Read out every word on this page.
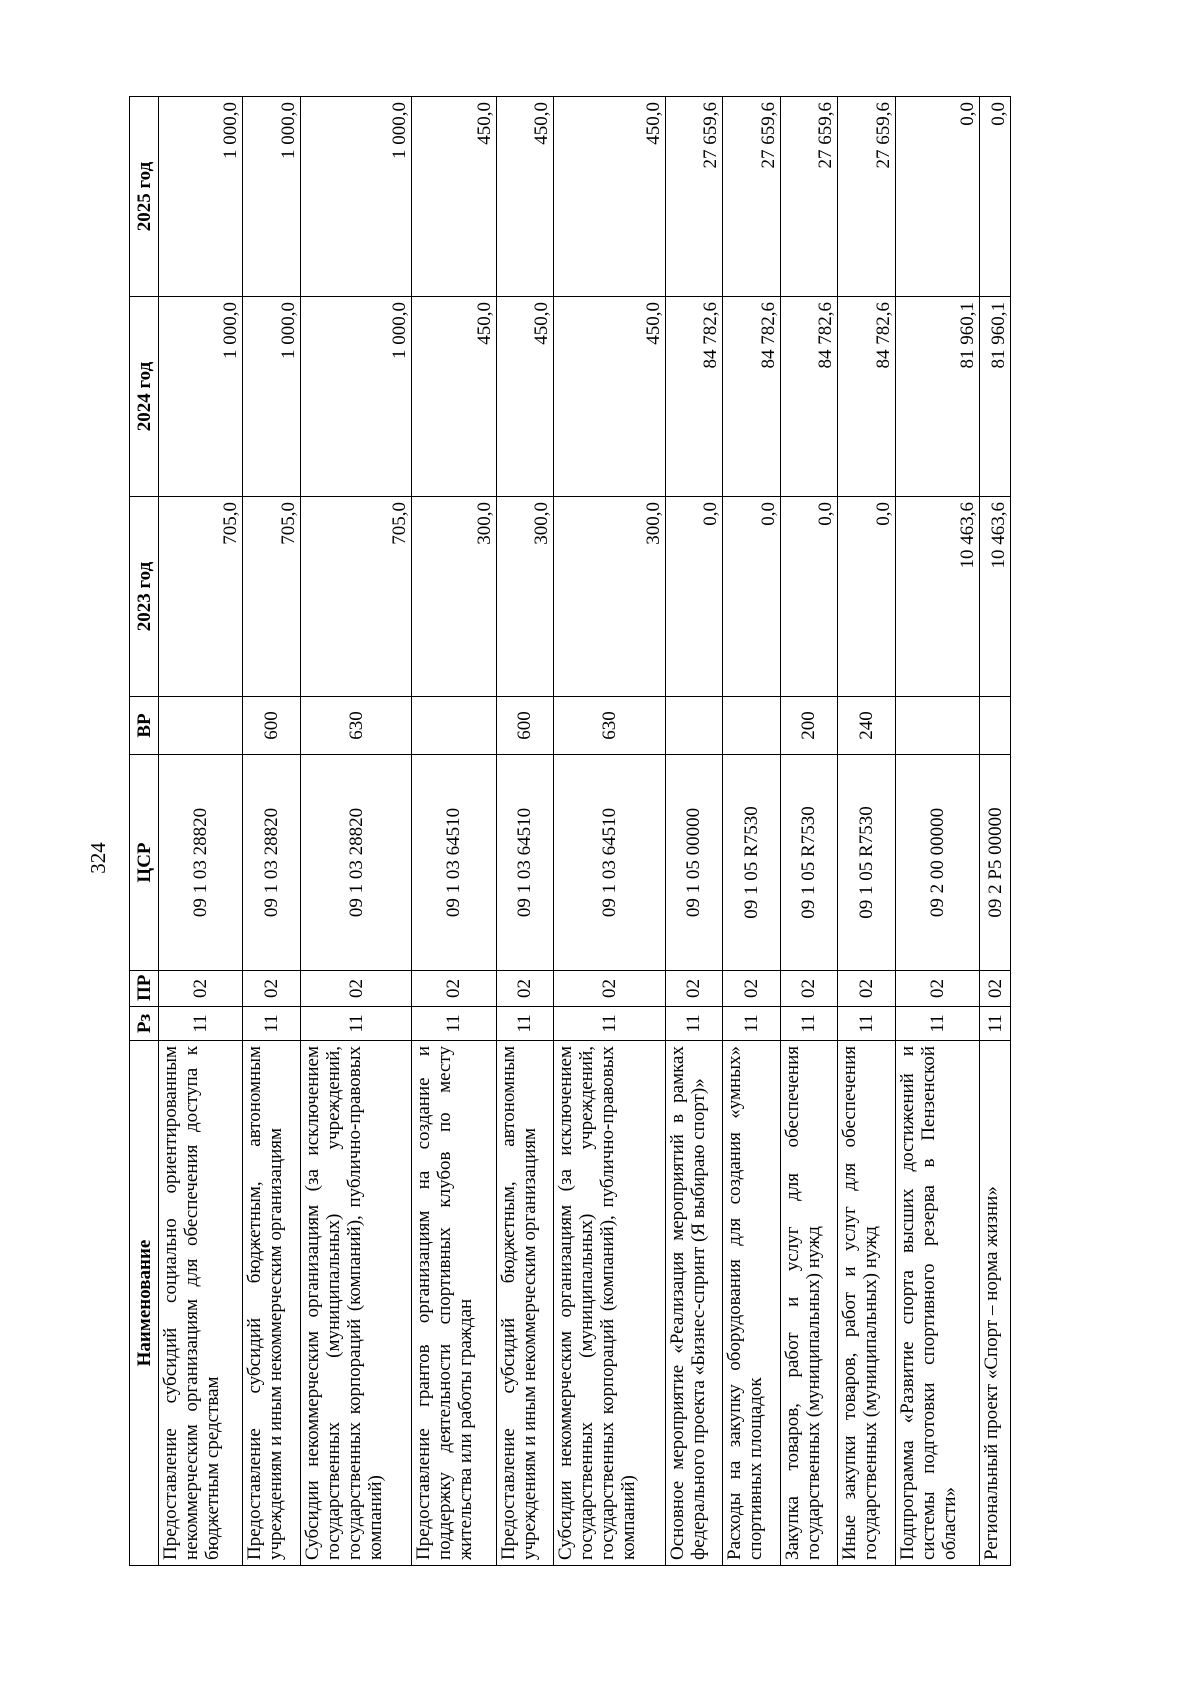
324
Наименование	Рз	ПР	ЦСР	ВР	2023 год	2024 год	2025 год
Предоставление субсидий социально ориентированным некоммерческим организациям для обеспечения доступа к бюджетным средствам	11	02	09 1 03 28820		705,0	1 000,0	1 000,0
Предоставление субсидий бюджетным, автономным учреждениям и иным некоммерческим организациям	11	02	09 1 03 28820	600	705,0	1 000,0	1 000,0
Субсидии некоммерческим организациям (за исключением государственных (муниципальных) учреждений, государственных корпораций (компаний), публично-правовых компаний)	11	02	09 1 03 28820	630	705,0	1 000,0	1 000,0
Предоставление грантов организациям на создание и поддержку деятельности спортивных клубов по месту жительства или работы граждан	11	02	09 1 03 64510		300,0	450,0	450,0
Предоставление субсидий бюджетным, автономным учреждениям и иным некоммерческим организациям	11	02	09 1 03 64510	600	300,0	450,0	450,0
Субсидии некоммерческим организациям (за исключением государственных (муниципальных) учреждений, государственных корпораций (компаний), публично-правовых компаний)	11	02	09 1 03 64510	630	300,0	450,0	450,0
Основное мероприятие «Реализация мероприятий в рамках федерального проекта «Бизнес-спринт (Я выбираю спорт)»	11	02	09 1 05 00000		0,0	84 782,6	27 659,6
Расходы на закупку оборудования для создания «умных» спортивных площадок	11	02	09 1 05 R7530		0,0	84 782,6	27 659,6
Закупка товаров, работ и услуг для обеспечения государственных (муниципальных) нужд	11	02	09 1 05 R7530	200	0,0	84 782,6	27 659,6
Иные закупки товаров, работ и услуг для обеспечения государственных (муниципальных) нужд	11	02	09 1 05 R7530	240	0,0	84 782,6	27 659,6
Подпрограмма «Развитие спорта высших достижений и системы подготовки спортивного резерва в Пензенской области»	11	02	09 2 00 00000		10 463,6	81 960,1	0,0
Региональный проект «Спорт – норма жизни»	11	02	09 2 P5 00000		10 463,6	81 960,1	0,0
